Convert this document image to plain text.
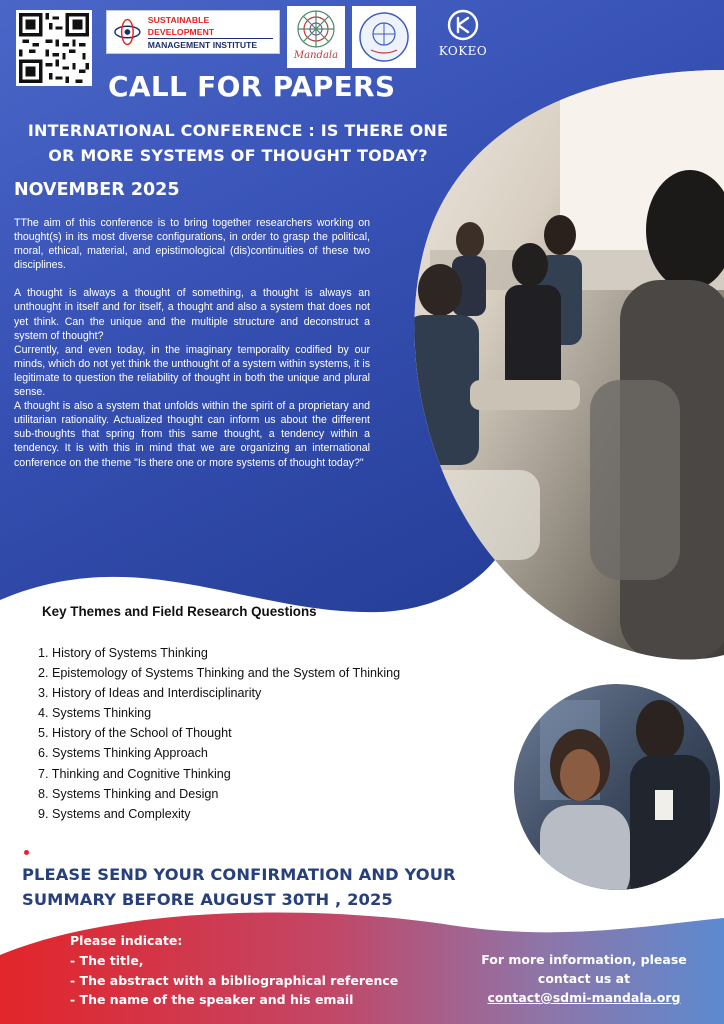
SUSTAINABLE DEVELOPMENT
MANAGEMENT INSTITUTE
Mandala	KOKEO
CALL FOR PAPERS
INTERNATIONAL CONFERENCE : IS THERE ONE
OR MORE SYSTEMS OF THOUGHT TODAY?
NOVEMBER 2025

TThe aim of this conference is to bring together researchers working on thought(s) in its most diverse configurations, in order to grasp the political, moral, ethical, material, and epistimological (dis)continuities of these two disciplines.

A thought is always a thought of something, a thought is always an unthought in itself and for itself, a thought and also a system that does not yet think. Can the unique and the multiple structure and deconstruct a system of thought?

Currently, and even today, in the imaginary temporality codified by our minds, which do not yet think the unthought of a system within systems, it is legitimate to question the reliability of thought in both the unique and plural sense.

A thought is also a system that unfolds within the spirit of a proprietary and utilitarian rationality. Actualized thought can inform us about the different sub-thoughts that spring from this same thought, a tendency within a tendency. It is with this in mind that we are organizing an international conference on the theme "Is there one or more systems of thought today?"

Key Themes and Field Research Questions
1. History of Systems Thinking
2. Epistemology of Systems Thinking and the System of Thinking
3. History of Ideas and Interdisciplinarity
4. Systems Thinking
5. History of the School of Thought
6. Systems Thinking Approach
7. Thinking and Cognitive Thinking
8. Systems Thinking and Design
9. Systems and Complexity
PLEASE SEND YOUR CONFIRMATION AND YOUR
SUMMARY BEFORE AUGUST 30TH , 2025
Please indicate:
- The title,
- The abstract with a bibliographical reference
- The name of the speaker and his email
For more information, please
contact us at
contact@sdmi-mandala.org
